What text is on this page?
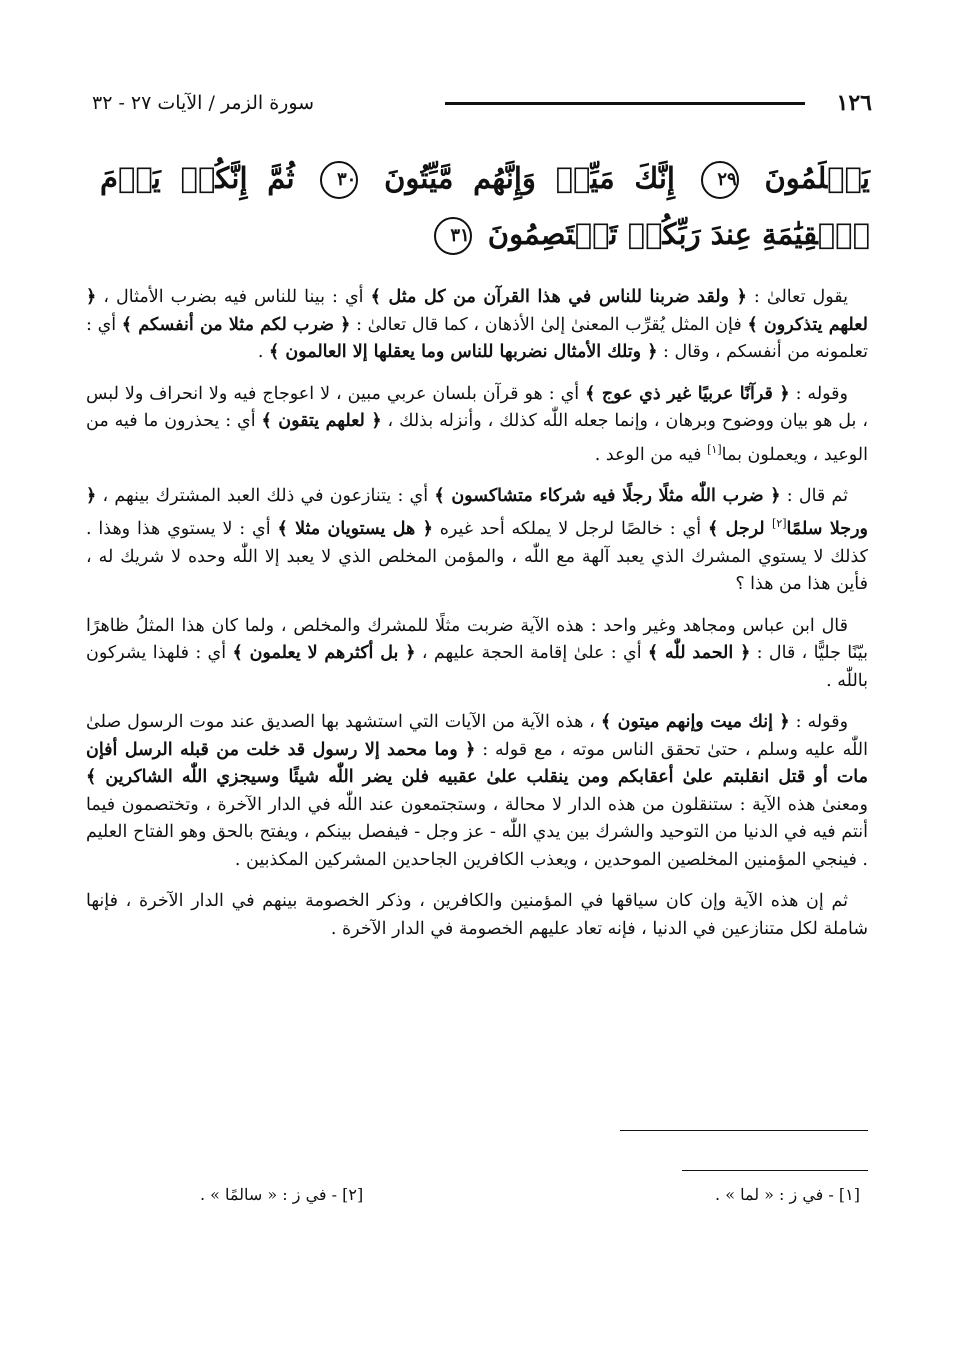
١٢٦
سورة الزمر / الآيات ٢٧ - ٣٢
يَعۡلَمُونَ ٢٩ إِنَّكَ مَيِّتٞ وَإِنَّهُم مَّيِّتُونَ ٣٠ ثُمَّ إِنَّكُمۡ يَوۡمَ ٱلۡقِيَٰمَةِ عِندَ رَبِّكُمۡ تَخۡتَصِمُونَ ٣١

يقول تعالىٰ : ﴿ ولقد ضربنا للناس في هذا القرآن من كل مثل ﴾ أي : بينا للناس فيه بضرب الأمثال ، ﴿ لعلهم يتذكرون ﴾ فإن المثل يُقرِّب المعنىٰ إلىٰ الأذهان ، كما قال تعالىٰ : ﴿ ضرب لكم مثلا من أنفسكم ﴾ أي : تعلمونه من أنفسكم ، وقال : ﴿ وتلك الأمثال نضربها للناس وما يعقلها إلا العالمون ﴾ .

وقوله : ﴿ قرآنًا عربيًا غير ذي عوج ﴾ أي : هو قرآن بلسان عربي مبين ، لا اعوجاج فيه ولا انحراف ولا لبس ، بل هو بيان ووضوح وبرهان ، وإنما جعله اللّٰه كذلك ، وأنزله بذلك ، ﴿ لعلهم يتقون ﴾ أي : يحذرون ما فيه من الوعيد ، ويعملون بما[١] فيه من الوعد .

ثم قال : ﴿ ضرب اللّٰه مثلًا رجلًا فيه شركاء متشاكسون ﴾ أي : يتنازعون في ذلك العبد المشترك بينهم ، ﴿ ورجلا سلمًا[٢] لرجل ﴾ أي : خالصًا لرجل لا يملكه أحد غيره ﴿ هل يستويان مثلا ﴾ أي : لا يستوي هذا وهذا . كذلك لا يستوي المشرك الذي يعبد آلهة مع اللّٰه ، والمؤمن المخلص الذي لا يعبد إلا اللّٰه وحده لا شريك له ، فأين هذا من هذا ؟

قال ابن عباس ومجاهد وغير واحد : هذه الآية ضربت مثلًا للمشرك والمخلص ، ولما كان هذا المثلُ ظاهرًا بيّنًا جليًّا ، قال : ﴿ الحمد للّٰه ﴾ أي : علىٰ إقامة الحجة عليهم ، ﴿ بل أكثرهم لا يعلمون ﴾ أي : فلهذا يشركون باللّٰه .

وقوله : ﴿ إنك ميت وإنهم ميتون ﴾ ، هذه الآية من الآيات التي استشهد بها الصديق عند موت الرسول صلىٰ اللّٰه عليه وسلم ، حتىٰ تحقق الناس موته ، مع قوله : ﴿ وما محمد إلا رسول قد خلت من قبله الرسل أفإن مات أو قتل انقلبتم علىٰ أعقابكم ومن ينقلب علىٰ عقبيه فلن يضر اللّٰه شيئًا وسيجزي اللّٰه الشاكرين ﴾ ومعنىٰ هذه الآية : ستنقلون من هذه الدار لا محالة ، وستجتمعون عند اللّٰه في الدار الآخرة ، وتختصمون فيما أنتم فيه في الدنيا من التوحيد والشرك بين يدي اللّٰه - عز وجل - فيفصل بينكم ، ويفتح بالحق وهو الفتاح العليم . فينجي المؤمنين المخلصين الموحدين ، ويعذب الكافرين الجاحدين المشركين المكذبين .

ثم إن هذه الآية وإن كان سياقها في المؤمنين والكافرين ، وذكر الخصومة بينهم في الدار الآخرة ، فإنها شاملة لكل متنازعين في الدنيا ، فإنه تعاد عليهم الخصومة في الدار الآخرة .

[١] - في ز : « لما » .
[٢] - في ز : « سالمًا » .
